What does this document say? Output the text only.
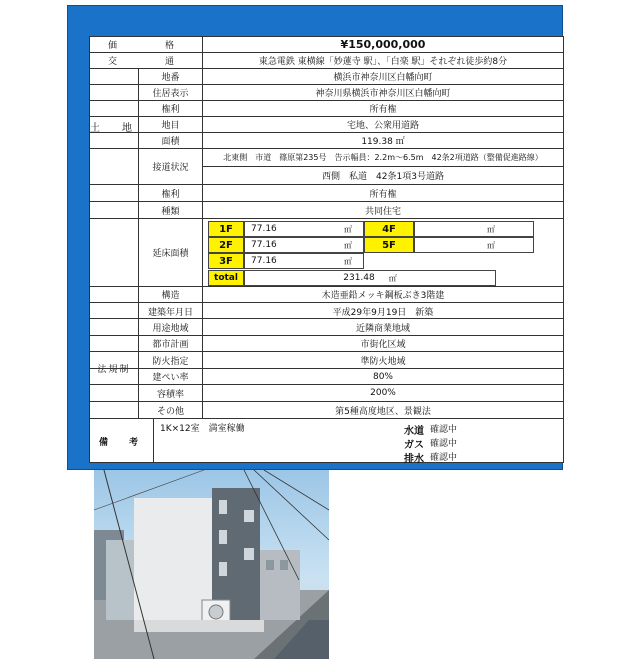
価　　格	¥150,000,000
交　　通	東急電鉄 東横線「妙蓮寺 駅」、「白楽 駅」それぞれ徒歩約8分
土　地
地番	横浜市神奈川区白幡向町
住居表示	神奈川県横浜市神奈川区白幡向町
権利	所有権
地目	宅地、公衆用道路
面積	119.38 ㎡
接道状況
北東側　市道　篠原第235号　告示幅員：2.2m～6.5m　42条2項道路（整備促進路線）
西側　私道　42条1項3号道路
権利	所有権
種類	共同住宅
延床面積
1F	77.16	㎡	4F	㎡
2F	77.16	㎡	5F	㎡
3F	77.16	㎡
total	231.48 ㎡
構造	木造亜鉛メッキ鋼板ぶき3階建
建築年月日	平成29年9月19日　新築
法規制
用途地域	近隣商業地域
都市計画	市街化区域
防火指定	準防火地域
建ぺい率	80%
容積率	200%
その他	第5種高度地区、景観法
備　考
1K×12室　満室稼働	水道 確認中
ガス 確認中
排水 確認中
